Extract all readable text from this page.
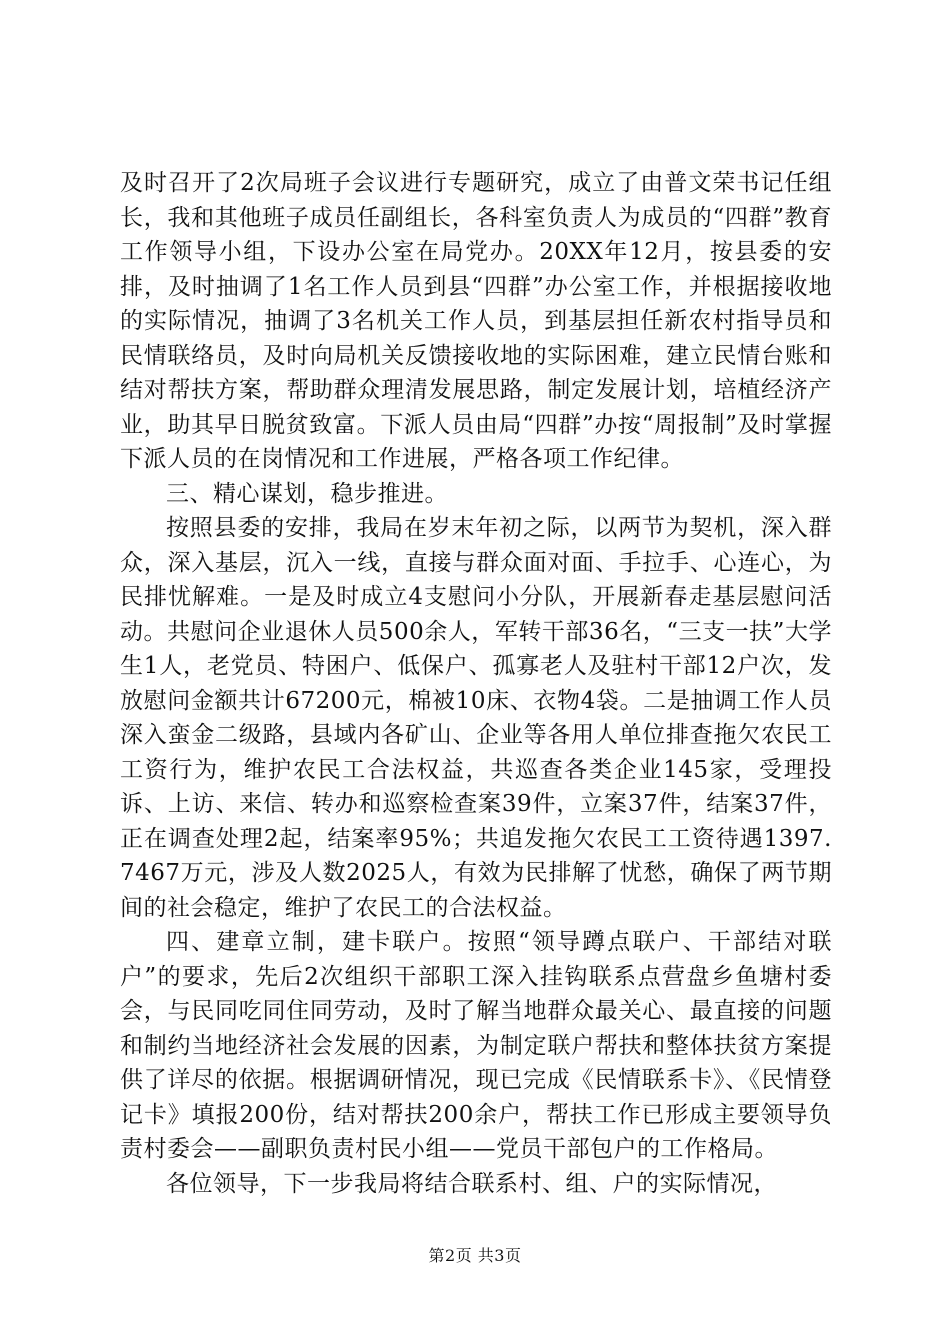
及时召开了2次局班子会议进行专题研究，成立了由普文荣书记任组长，我和其他班子成员任副组长，各科室负责人为成员的“四群”教育工作领导小组，下设办公室在局党办。20XX年12月，按县委的安排，及时抽调了1名工作人员到县“四群”办公室工作，并根据接收地的实际情况，抽调了3名机关工作人员，到基层担任新农村指导员和民情联络员，及时向局机关反馈接收地的实际困难，建立民情台账和结对帮扶方案，帮助群众理清发展思路，制定发展计划，培植经济产业，助其早日脱贫致富。下派人员由局“四群”办按“周报制”及时掌握下派人员的在岗情况和工作进展，严格各项工作纪律。

三、精心谋划，稳步推进。

按照县委的安排，我局在岁末年初之际，以两节为契机，深入群众，深入基层，沉入一线，直接与群众面对面、手拉手、心连心，为民排忧解难。一是及时成立4支慰问小分队，开展新春走基层慰问活动。共慰问企业退休人员500余人，军转干部36名，“三支一扶”大学生1人，老党员、特困户、低保户、孤寡老人及驻村干部12户次，发放慰问金额共计67200元，棉被10床、衣物4袋。二是抽调工作人员深入蛮金二级路，县域内各矿山、企业等各用人单位排查拖欠农民工工资行为，维护农民工合法权益，共巡查各类企业145家，受理投诉、上访、来信、转办和巡察检查案39件，立案37件，结案37件，正在调查处理2起，结案率95%；共追发拖欠农民工工资待遇1397.7467万元，涉及人数2025人，有效为民排解了忧愁，确保了两节期间的社会稳定，维护了农民工的合法权益。

四、建章立制，建卡联户。按照“领导蹲点联户、干部结对联户”的要求，先后2次组织干部职工深入挂钩联系点营盘乡鱼塘村委会，与民同吃同住同劳动，及时了解当地群众最关心、最直接的问题和制约当地经济社会发展的因素，为制定联户帮扶和整体扶贫方案提供了详尽的依据。根据调研情况，现已完成《民情联系卡》、《民情登记卡》填报200份，结对帮扶200余户，帮扶工作已形成主要领导负责村委会——副职负责村民小组——党员干部包户的工作格局。

各位领导，下一步我局将结合联系村、组、户的实际情况，

第2页 共3页
